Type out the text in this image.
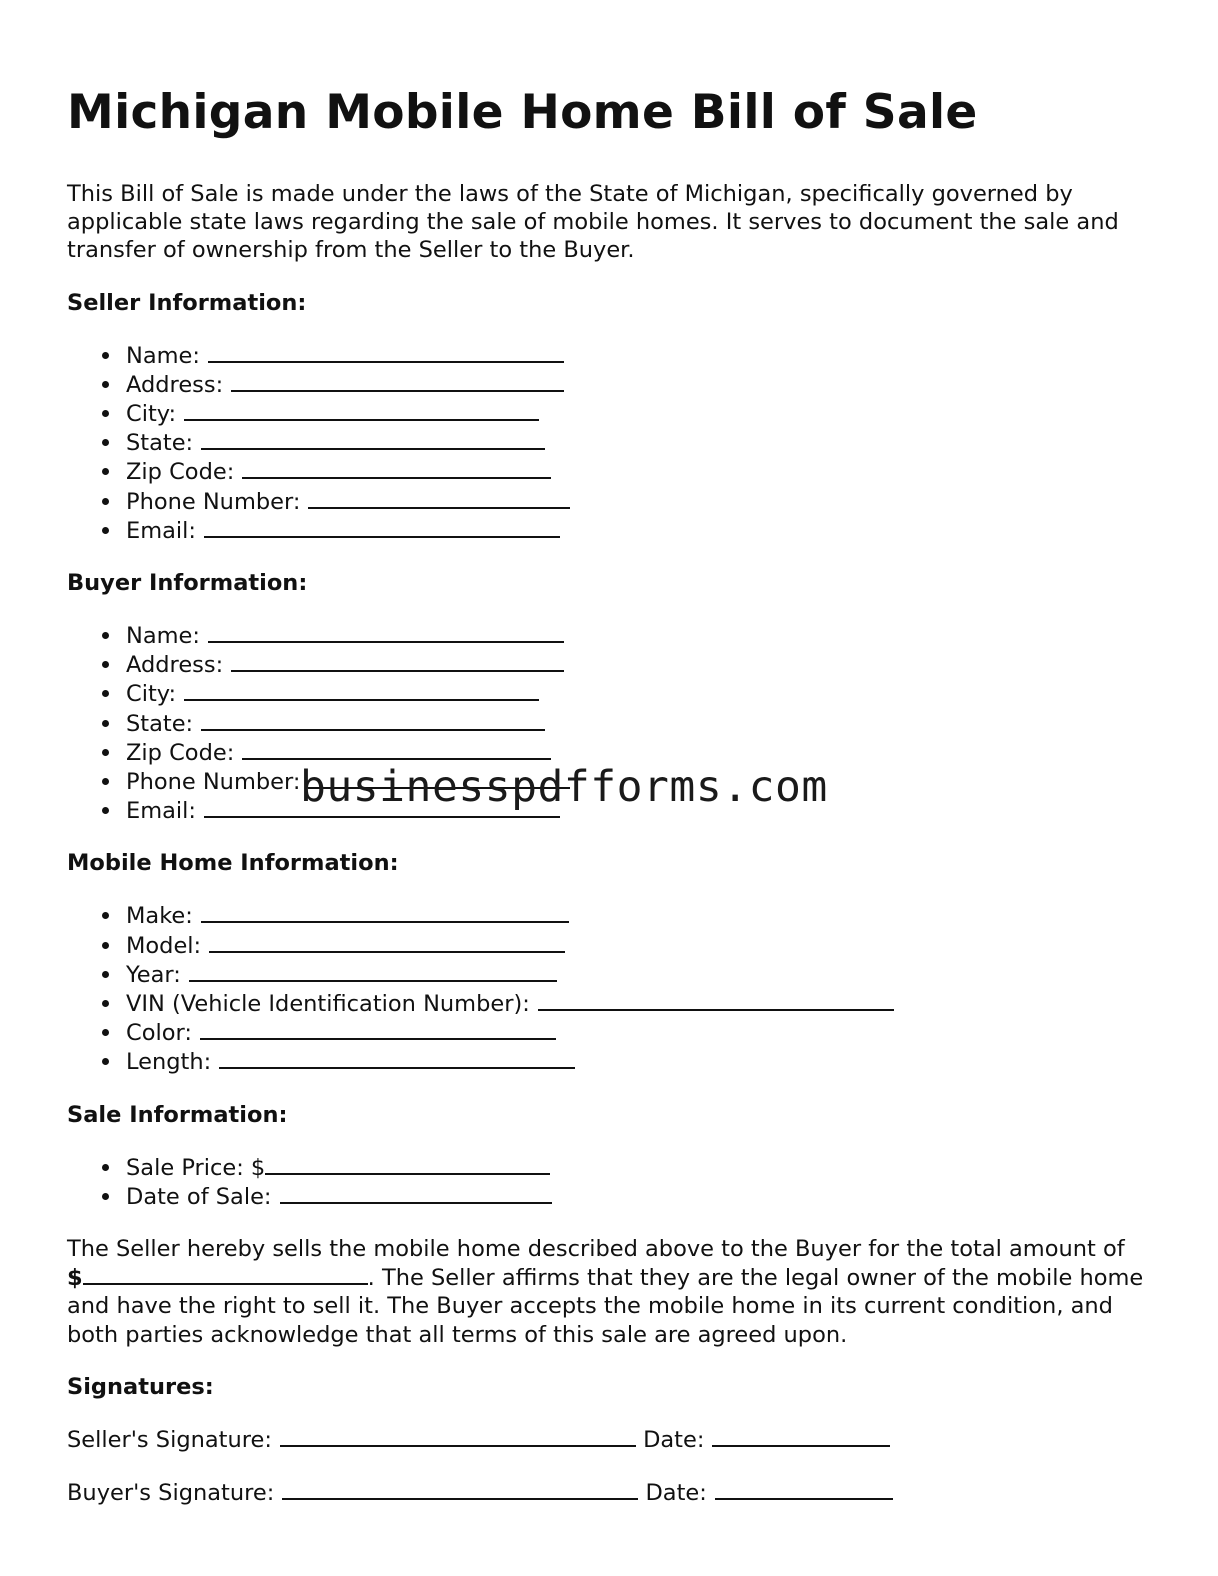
Michigan Mobile Home Bill of Sale

This Bill of Sale is made under the laws of the State of Michigan, specifically governed by applicable state laws regarding the sale of mobile homes. It serves to document the sale and transfer of ownership from the Seller to the Buyer.

Seller Information:
Name:
Address:
City:
State:
Zip Code:
Phone Number:
Email:
Buyer Information:
Name:
Address:
City:
State:
Zip Code:
Phone Number:
Email:
Mobile Home Information:
Make:
Model:
Year:
VIN (Vehicle Identification Number):
Color:
Length:
Sale Information:
Sale Price: $
Date of Sale:

The Seller hereby sells the mobile home described above to the Buyer for the total amount of $	. The Seller affirms that they are the legal owner of the mobile home and have the right to sell it. The Buyer accepts the mobile home in its current condition, and both parties acknowledge that all terms of this sale are agreed upon.

Signatures:
Seller's Signature:	Date:
Buyer's Signature:	Date:
businesspdfforms.com
